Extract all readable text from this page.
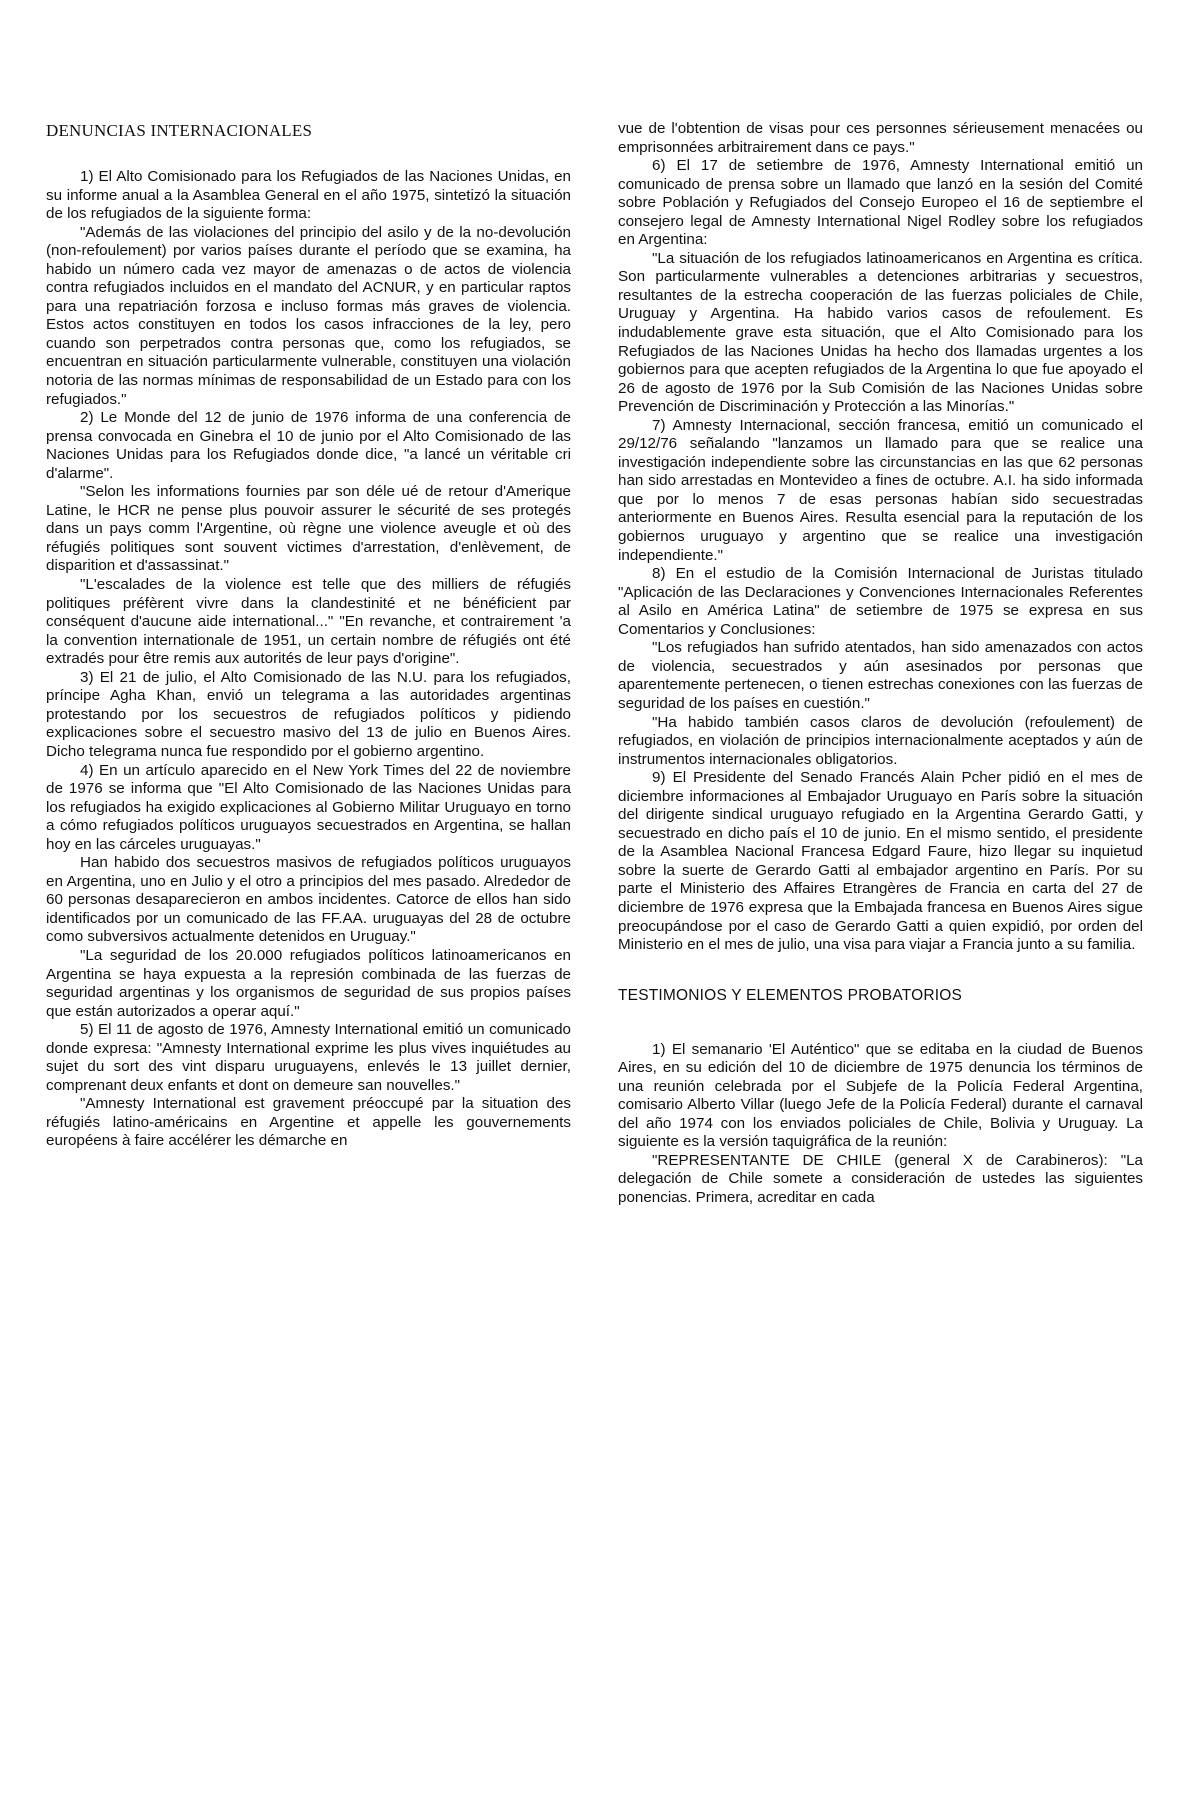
DENUNCIAS INTERNACIONALES

1) El Alto Comisionado para los Refugiados de las Naciones Unidas, en su informe anual a la Asamblea General en el año 1975, sintetizó la situación de los refugiados de la siguiente forma:

"Además de las violaciones del principio del asilo y de la no-devolución (non-refoulement) por varios países durante el período que se examina, ha habido un número cada vez mayor de amenazas o de actos de violencia contra refugiados incluidos en el mandato del ACNUR, y en particular raptos para una repatriación forzosa e incluso formas más graves de violencia. Estos actos constituyen en todos los casos infracciones de la ley, pero cuando son perpetrados contra personas que, como los refugiados, se encuentran en situación particularmente vulnerable, constituyen una violación notoria de las normas mínimas de responsabilidad de un Estado para con los refugiados."

2) Le Monde del 12 de junio de 1976 informa de una conferencia de prensa convocada en Ginebra el 10 de junio por el Alto Comisionado de las Naciones Unidas para los Refugiados donde dice, "a lancé un véritable cri d'alarme".

"Selon les informations fournies par son déle ué de retour d'Amerique Latine, le HCR ne pense plus pouvoir assurer le sécurité de ses protegés dans un pays comm l'Argentine, où règne une violence aveugle et où des réfugiés politiques sont souvent victimes d'arrestation, d'enlèvement, de disparition et d'assassinat."

"L'escalades de la violence est telle que des milliers de réfugiés politiques préfèrent vivre dans la clandestinité et ne bénéficient par conséquent d'aucune aide international..." "En revanche, et contrairement 'a la convention internationale de 1951, un certain nombre de réfugiés ont été extradés pour être remis aux autorités de leur pays d'origine".

3) El 21 de julio, el Alto Comisionado de las N.U. para los refugiados, príncipe Agha Khan, envió un telegrama a las autoridades argentinas protestando por los secuestros de refugiados políticos y pidiendo explicaciones sobre el secuestro masivo del 13 de julio en Buenos Aires. Dicho telegrama nunca fue respondido por el gobierno argentino.

4) En un artículo aparecido en el New York Times del 22 de noviembre de 1976 se informa que "El Alto Comisionado de las Naciones Unidas para los refugiados ha exigido explicaciones al Gobierno Militar Uruguayo en torno a cómo refugiados políticos uruguayos secuestrados en Argentina, se hallan hoy en las cárceles uruguayas."

Han habido dos secuestros masivos de refugiados políticos uruguayos en Argentina, uno en Julio y el otro a principios del mes pasado. Alrededor de 60 personas desaparecieron en ambos incidentes. Catorce de ellos han sido identificados por un comunicado de las FF.AA. uruguayas del 28 de octubre como subversivos actualmente detenidos en Uruguay."

"La seguridad de los 20.000 refugiados políticos latinoamericanos en Argentina se haya expuesta a la represión combinada de las fuerzas de seguridad argentinas y los organismos de seguridad de sus propios países que están autorizados a operar aquí."

5) El 11 de agosto de 1976, Amnesty International emitió un comunicado donde expresa: "Amnesty International exprime les plus vives inquiétudes au sujet du sort des vint disparu uruguayens, enlevés le 13 juillet dernier, comprenant deux enfants et dont on demeure san nouvelles."

"Amnesty International est gravement préoccupé par la situation des réfugiés latino-américains en Argentine et appelle les gouvernements européens à faire accélérer les démarche en

vue de l'obtention de visas pour ces personnes sérieusement menacées ou emprisonnées arbitrairement dans ce pays."

6) El 17 de setiembre de 1976, Amnesty International emitió un comunicado de prensa sobre un llamado que lanzó en la sesión del Comité sobre Población y Refugiados del Consejo Europeo el 16 de septiembre el consejero legal de Amnesty International Nigel Rodley sobre los refugiados en Argentina:

"La situación de los refugiados latinoamericanos en Argentina es crítica. Son particularmente vulnerables a detenciones arbitrarias y secuestros, resultantes de la estrecha cooperación de las fuerzas policiales de Chile, Uruguay y Argentina. Ha habido varios casos de refoulement. Es indudablemente grave esta situación, que el Alto Comisionado para los Refugiados de las Naciones Unidas ha hecho dos llamadas urgentes a los gobiernos para que acepten refugiados de la Argentina lo que fue apoyado el 26 de agosto de 1976 por la Sub Comisión de las Naciones Unidas sobre Prevención de Discriminación y Protección a las Minorías."

7) Amnesty Internacional, sección francesa, emitió un comunicado el 29/12/76 señalando "lanzamos un llamado para que se realice una investigación independiente sobre las circunstancias en las que 62 personas han sido arrestadas en Montevideo a fines de octubre. A.I. ha sido informada que por lo menos 7 de esas personas habían sido secuestradas anteriormente en Buenos Aires. Resulta esencial para la reputación de los gobiernos uruguayo y argentino que se realice una investigación independiente."

8) En el estudio de la Comisión Internacional de Juristas titulado "Aplicación de las Declaraciones y Convenciones Internacionales Referentes al Asilo en América Latina" de setiembre de 1975 se expresa en sus Comentarios y Conclusiones:

"Los refugiados han sufrido atentados, han sido amenazados con actos de violencia, secuestrados y aún asesinados por personas que aparentemente pertenecen, o tienen estrechas conexiones con las fuerzas de seguridad de los países en cuestión."

"Ha habido también casos claros de devolución (refoulement) de refugiados, en violación de principios internacionalmente aceptados y aún de instrumentos internacionales obligatorios.

9) El Presidente del Senado Francés Alain Pcher pidió en el mes de diciembre informaciones al Embajador Uruguayo en París sobre la situación del dirigente sindical uruguayo refugiado en la Argentina Gerardo Gatti, y secuestrado en dicho país el 10 de junio. En el mismo sentido, el presidente de la Asamblea Nacional Francesa Edgard Faure, hizo llegar su inquietud sobre la suerte de Gerardo Gatti al embajador argentino en París. Por su parte el Ministerio des Affaires Etrangères de Francia en carta del 27 de diciembre de 1976 expresa que la Embajada francesa en Buenos Aires sigue preocupándose por el caso de Gerardo Gatti a quien expidió, por orden del Ministerio en el mes de julio, una visa para viajar a Francia junto a su familia.

TESTIMONIOS Y ELEMENTOS PROBATORIOS

1) El semanario 'El Auténtico" que se editaba en la ciudad de Buenos Aires, en su edición del 10 de diciembre de 1975 denuncia los términos de una reunión celebrada por el Subjefe de la Policía Federal Argentina, comisario Alberto Villar (luego Jefe de la Policía Federal) durante el carnaval del año 1974 con los enviados policiales de Chile, Bolivia y Uruguay. La siguiente es la versión taquigráfica de la reunión:

"REPRESENTANTE DE CHILE (general X de Carabineros): "La delegación de Chile somete a consideración de ustedes las siguientes ponencias. Primera, acreditar en cada
